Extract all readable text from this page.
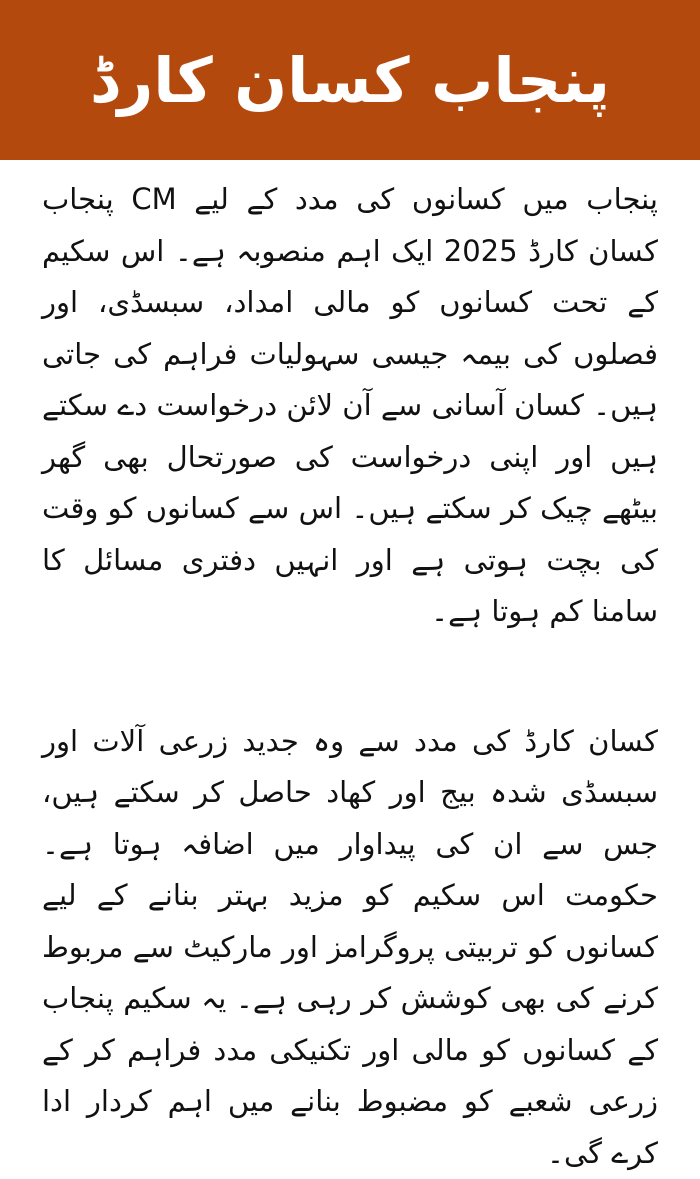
پنجاب کسان کارڈ

پنجاب میں کسانوں کی مدد کے لیے CM پنجاب کسان کارڈ 2025 ایک اہم منصوبہ ہے۔ اس سکیم کے تحت کسانوں کو مالی امداد، سبسڈی، اور فصلوں کی بیمہ جیسی سہولیات فراہم کی جاتی ہیں۔ کسان آسانی سے آن لائن درخواست دے سکتے ہیں اور اپنی درخواست کی صورتحال بھی گھر بیٹھے چیک کر سکتے ہیں۔ اس سے کسانوں کو وقت کی بچت ہوتی ہے اور انہیں دفتری مسائل کا سامنا کم ہوتا ہے۔

کسان کارڈ کی مدد سے وہ جدید زرعی آلات اور سبسڈی شدہ بیج اور کھاد حاصل کر سکتے ہیں، جس سے ان کی پیداوار میں اضافہ ہوتا ہے۔ حکومت اس سکیم کو مزید بہتر بنانے کے لیے کسانوں کو تربیتی پروگرامز اور مارکیٹ سے مربوط کرنے کی بھی کوشش کر رہی ہے۔ یہ سکیم پنجاب کے کسانوں کو مالی اور تکنیکی مدد فراہم کر کے زرعی شعبے کو مضبوط بنانے میں اہم کردار ادا کرے گی۔
